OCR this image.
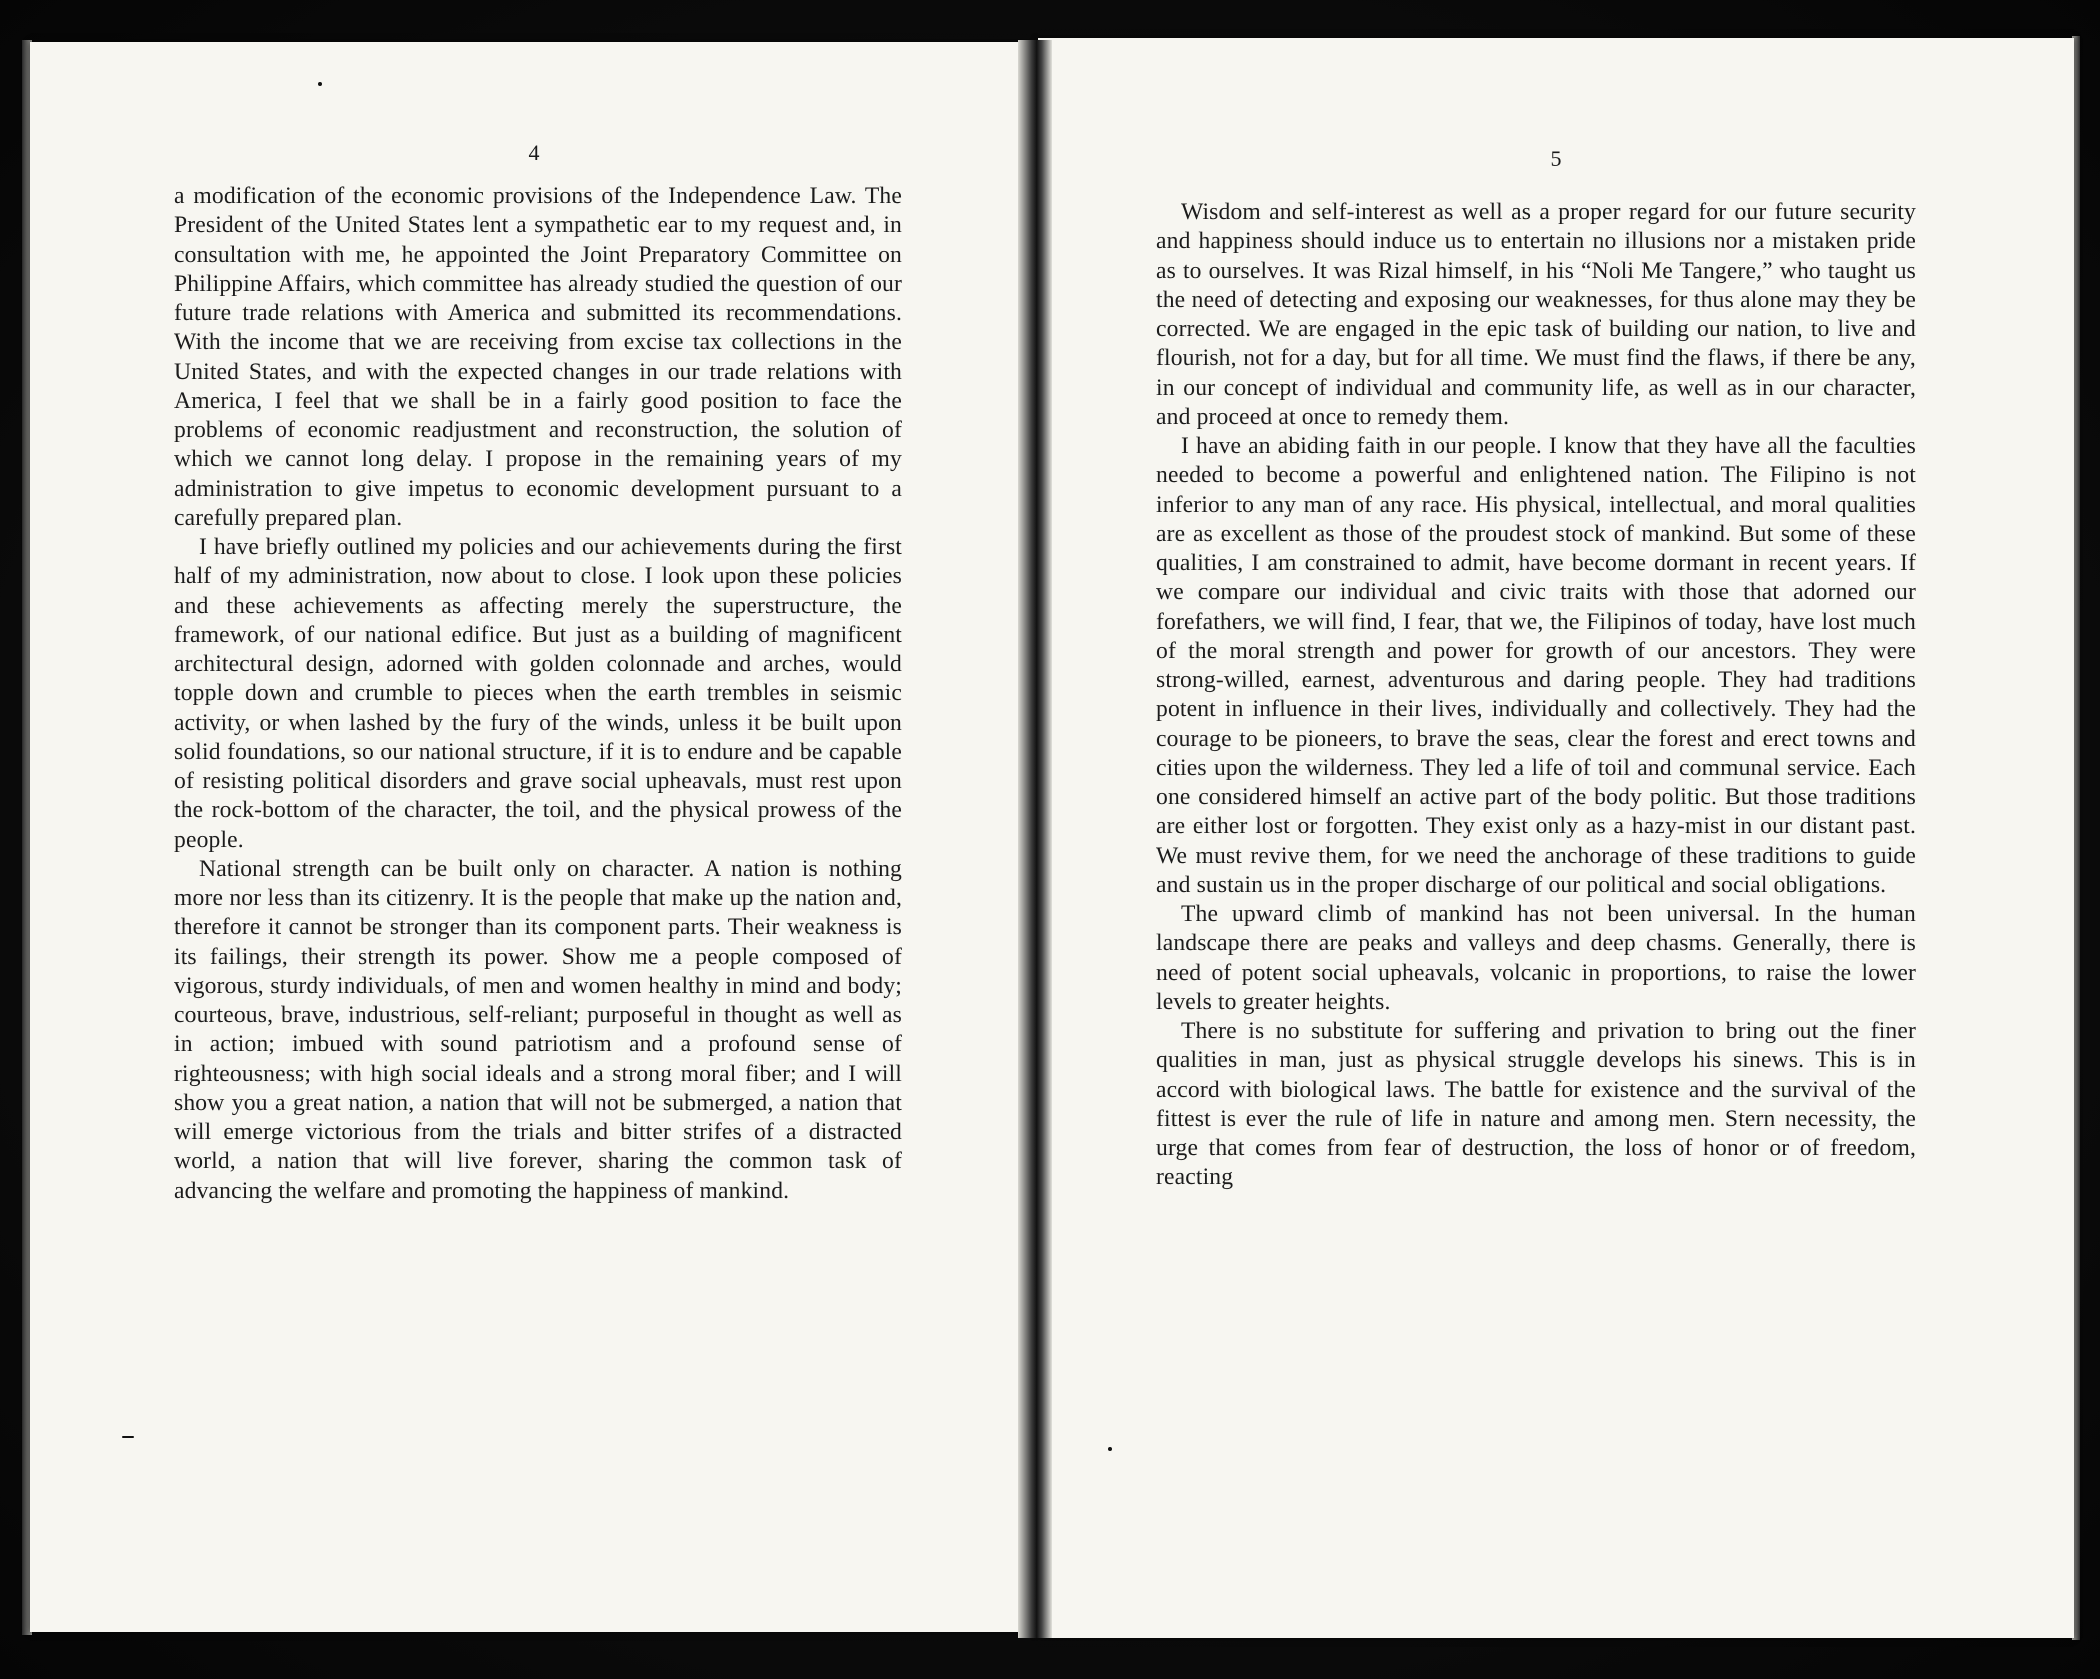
4

a modification of the economic provisions of the Independence Law. The President of the United States lent a sympathetic ear to my request and, in consultation with me, he appointed the Joint Preparatory Committee on Philippine Affairs, which committee has already studied the question of our future trade relations with America and submitted its recommendations. With the income that we are receiving from excise tax collections in the United States, and with the expected changes in our trade relations with America, I feel that we shall be in a fairly good position to face the problems of economic readjustment and reconstruction, the solution of which we cannot long delay. I propose in the remaining years of my administration to give impetus to economic development pursuant to a carefully prepared plan.

I have briefly outlined my policies and our achievements during the first half of my administration, now about to close. I look upon these policies and these achievements as affecting merely the superstructure, the framework, of our national edifice. But just as a building of magnificent architectural design, adorned with golden colonnade and arches, would topple down and crumble to pieces when the earth trembles in seismic activity, or when lashed by the fury of the winds, unless it be built upon solid foundations, so our national structure, if it is to endure and be capable of resisting political disorders and grave social upheavals, must rest upon the rock-bottom of the character, the toil, and the physical prowess of the people.

National strength can be built only on character. A nation is nothing more nor less than its citizenry. It is the people that make up the nation and, therefore it cannot be stronger than its component parts. Their weakness is its failings, their strength its power. Show me a people composed of vigorous, sturdy individuals, of men and women healthy in mind and body; courteous, brave, industrious, self-reliant; purposeful in thought as well as in action; imbued with sound patriotism and a profound sense of righteousness; with high social ideals and a strong moral fiber; and I will show you a great nation, a nation that will not be submerged, a nation that will emerge victorious from the trials and bitter strifes of a distracted world, a nation that will live forever, sharing the common task of advancing the welfare and promoting the happiness of mankind.

5

Wisdom and self-interest as well as a proper regard for our future security and happiness should induce us to entertain no illusions nor a mistaken pride as to ourselves. It was Rizal himself, in his “Noli Me Tangere,” who taught us the need of detecting and exposing our weaknesses, for thus alone may they be corrected. We are engaged in the epic task of building our nation, to live and flourish, not for a day, but for all time. We must find the flaws, if there be any, in our concept of individual and community life, as well as in our character, and proceed at once to remedy them.

I have an abiding faith in our people. I know that they have all the faculties needed to become a powerful and enlightened nation. The Filipino is not inferior to any man of any race. His physical, intellectual, and moral qualities are as excellent as those of the proudest stock of mankind. But some of these qualities, I am constrained to admit, have become dormant in recent years. If we compare our individual and civic traits with those that adorned our forefathers, we will find, I fear, that we, the Filipinos of today, have lost much of the moral strength and power for growth of our ancestors. They were strong-willed, earnest, adventurous and daring people. They had traditions potent in influence in their lives, individually and collectively. They had the courage to be pioneers, to brave the seas, clear the forest and erect towns and cities upon the wilderness. They led a life of toil and communal service. Each one considered himself an active part of the body politic. But those traditions are either lost or forgotten. They exist only as a hazy-mist in our distant past. We must revive them, for we need the anchorage of these traditions to guide and sustain us in the proper discharge of our political and social obligations.

The upward climb of mankind has not been universal. In the human landscape there are peaks and valleys and deep chasms. Generally, there is need of potent social upheavals, volcanic in proportions, to raise the lower levels to greater heights.

There is no substitute for suffering and privation to bring out the finer qualities in man, just as physical struggle develops his sinews. This is in accord with biological laws. The battle for existence and the survival of the fittest is ever the rule of life in nature and among men. Stern necessity, the urge that comes from fear of destruction, the loss of honor or of freedom, reacting
